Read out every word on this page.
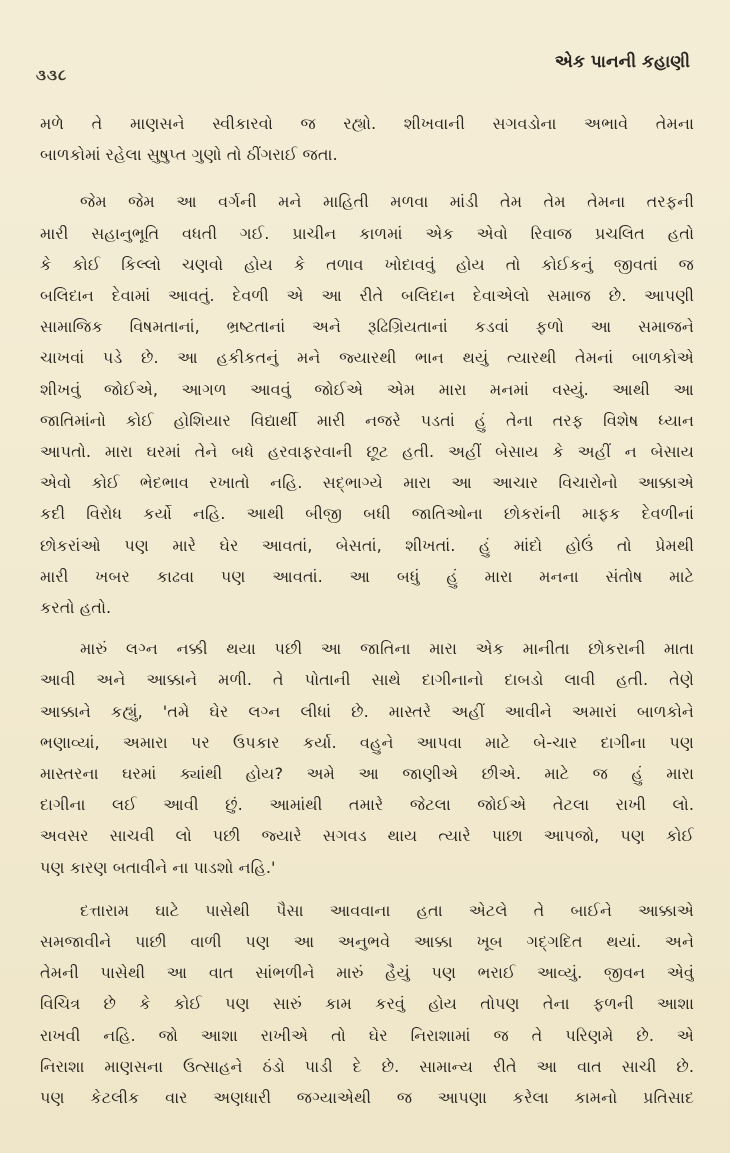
૩૩૮
એક પાનની કહાણી
મળે તે માણસને સ્વીકારવો જ રહ્યો. શીખવાની સગવડોના અભાવે તેમના
બાળકોમાં રહેલા સુષુપ્ત ગુણો તો ઠીંગરાઈ જતા.
જેમ જેમ આ વર્ગની મને માહિતી મળવા માંડી તેમ તેમ તેમના તરફની
મારી સહાનુભૂતિ વધતી ગઈ. પ્રાચીન કાળમાં એક એવો રિવાજ પ્રચલિત હતો
કે કોઈ કિલ્લો ચણવો હોય કે તળાવ ખોદાવવું હોય તો કોઈકનું જીવતાં જ
બલિદાન દેવામાં આવતું. દેવળી એ આ રીતે બલિદાન દેવાએલો સમાજ છે. આપણી
સામાજિક વિષમતાનાં, ભ્રષ્ટતાનાં અને રૂઢિગ્રિયતાનાં કડવાં ફળો આ સમાજને
ચાખવાં પડે છે. આ હકીકતનું મને જ્યારથી ભાન થયું ત્યારથી તેમનાં બાળકોએ
શીખવું જોઈએ, આગળ આવવું જોઈએ એમ મારા મનમાં વસ્યું. આથી આ
જાતિમાંનો કોઈ હોશિયાર વિદ્યાર્થી મારી નજરે પડતાં હું તેના તરફ વિશેષ ધ્યાન
આપતો. મારા ઘરમાં તેને બધે હરવાફરવાની છૂટ હતી. અહીં બેસાય કે અહીં ન બેસાય
એવો કોઈ ભેદભાવ રખાતો નહિ. સદ્‌ભાગ્યે મારા આ આચાર વિચારોનો આક્કાએ
કદી વિરોધ કર્યો નહિ. આથી બીજી બધી જાતિઓના છોકરાંની માફક દેવળીનાં
છોકરાંઓ પણ મારે ઘેર આવતાં, બેસતાં, શીખતાં. હું માંદો હોઉં તો પ્રેમથી
મારી ખબર કાઢવા પણ આવતાં. આ બધું હું મારા મનના સંતોષ માટે
કરતો હતો.
મારું લગ્ન નક્કી થયા પછી આ જાતિના મારા એક માનીતા છોકરાની માતા
આવી અને આક્કાને મળી. તે પોતાની સાથે દાગીનાનો દાબડો લાવી હતી. તેણે
આક્કાને કહ્યું, 'તમે ઘેર લગ્ન લીધાં છે. માસ્તરે અહીં આવીને અમારાં બાળકોને
ભણાવ્યાં, અમારા પર ઉપકાર કર્યા. વહુને આપવા માટે બે-ચાર દાગીના પણ
માસ્તરના ઘરમાં ક્યાંથી હોય? અમે આ જાણીએ છીએ. માટે જ હું મારા
દાગીના લઈ આવી છું. આમાંથી તમારે જેટલા જોઈએ તેટલા રાખી લો.
અવસર સાચવી લો પછી જ્યારે સગવડ થાય ત્યારે પાછા આપજો, પણ કોઈ
પણ કારણ બતાવીને ના પાડશો નહિ.'
દત્તારામ ઘાટે પાસેથી પૈસા આવવાના હતા એટલે તે બાઈને આક્કાએ
સમજાવીને પાછી વાળી પણ આ અનુભવે આક્કા ખૂબ ગદ્‌ગદિત થયાં. અને
તેમની પાસેથી આ વાત સાંભળીને મારું હૈયું પણ ભરાઈ આવ્યું. જીવન એવું
વિચિત્ર છે કે કોઈ પણ સારું કામ કરવું હોય તોપણ તેના ફળની આશા
રાખવી નહિ. જો આશા રાખીએ તો ઘેર નિરાશામાં જ તે પરિણમે છે. એ
નિરાશા માણસના ઉત્સાહને ઠંડો પાડી દે છે. સામાન્ય રીતે આ વાત સાચી છે.
પણ કેટલીક વાર અણધારી જગ્યાએથી જ આપણા કરેલા કામનો પ્રતિસાદ
